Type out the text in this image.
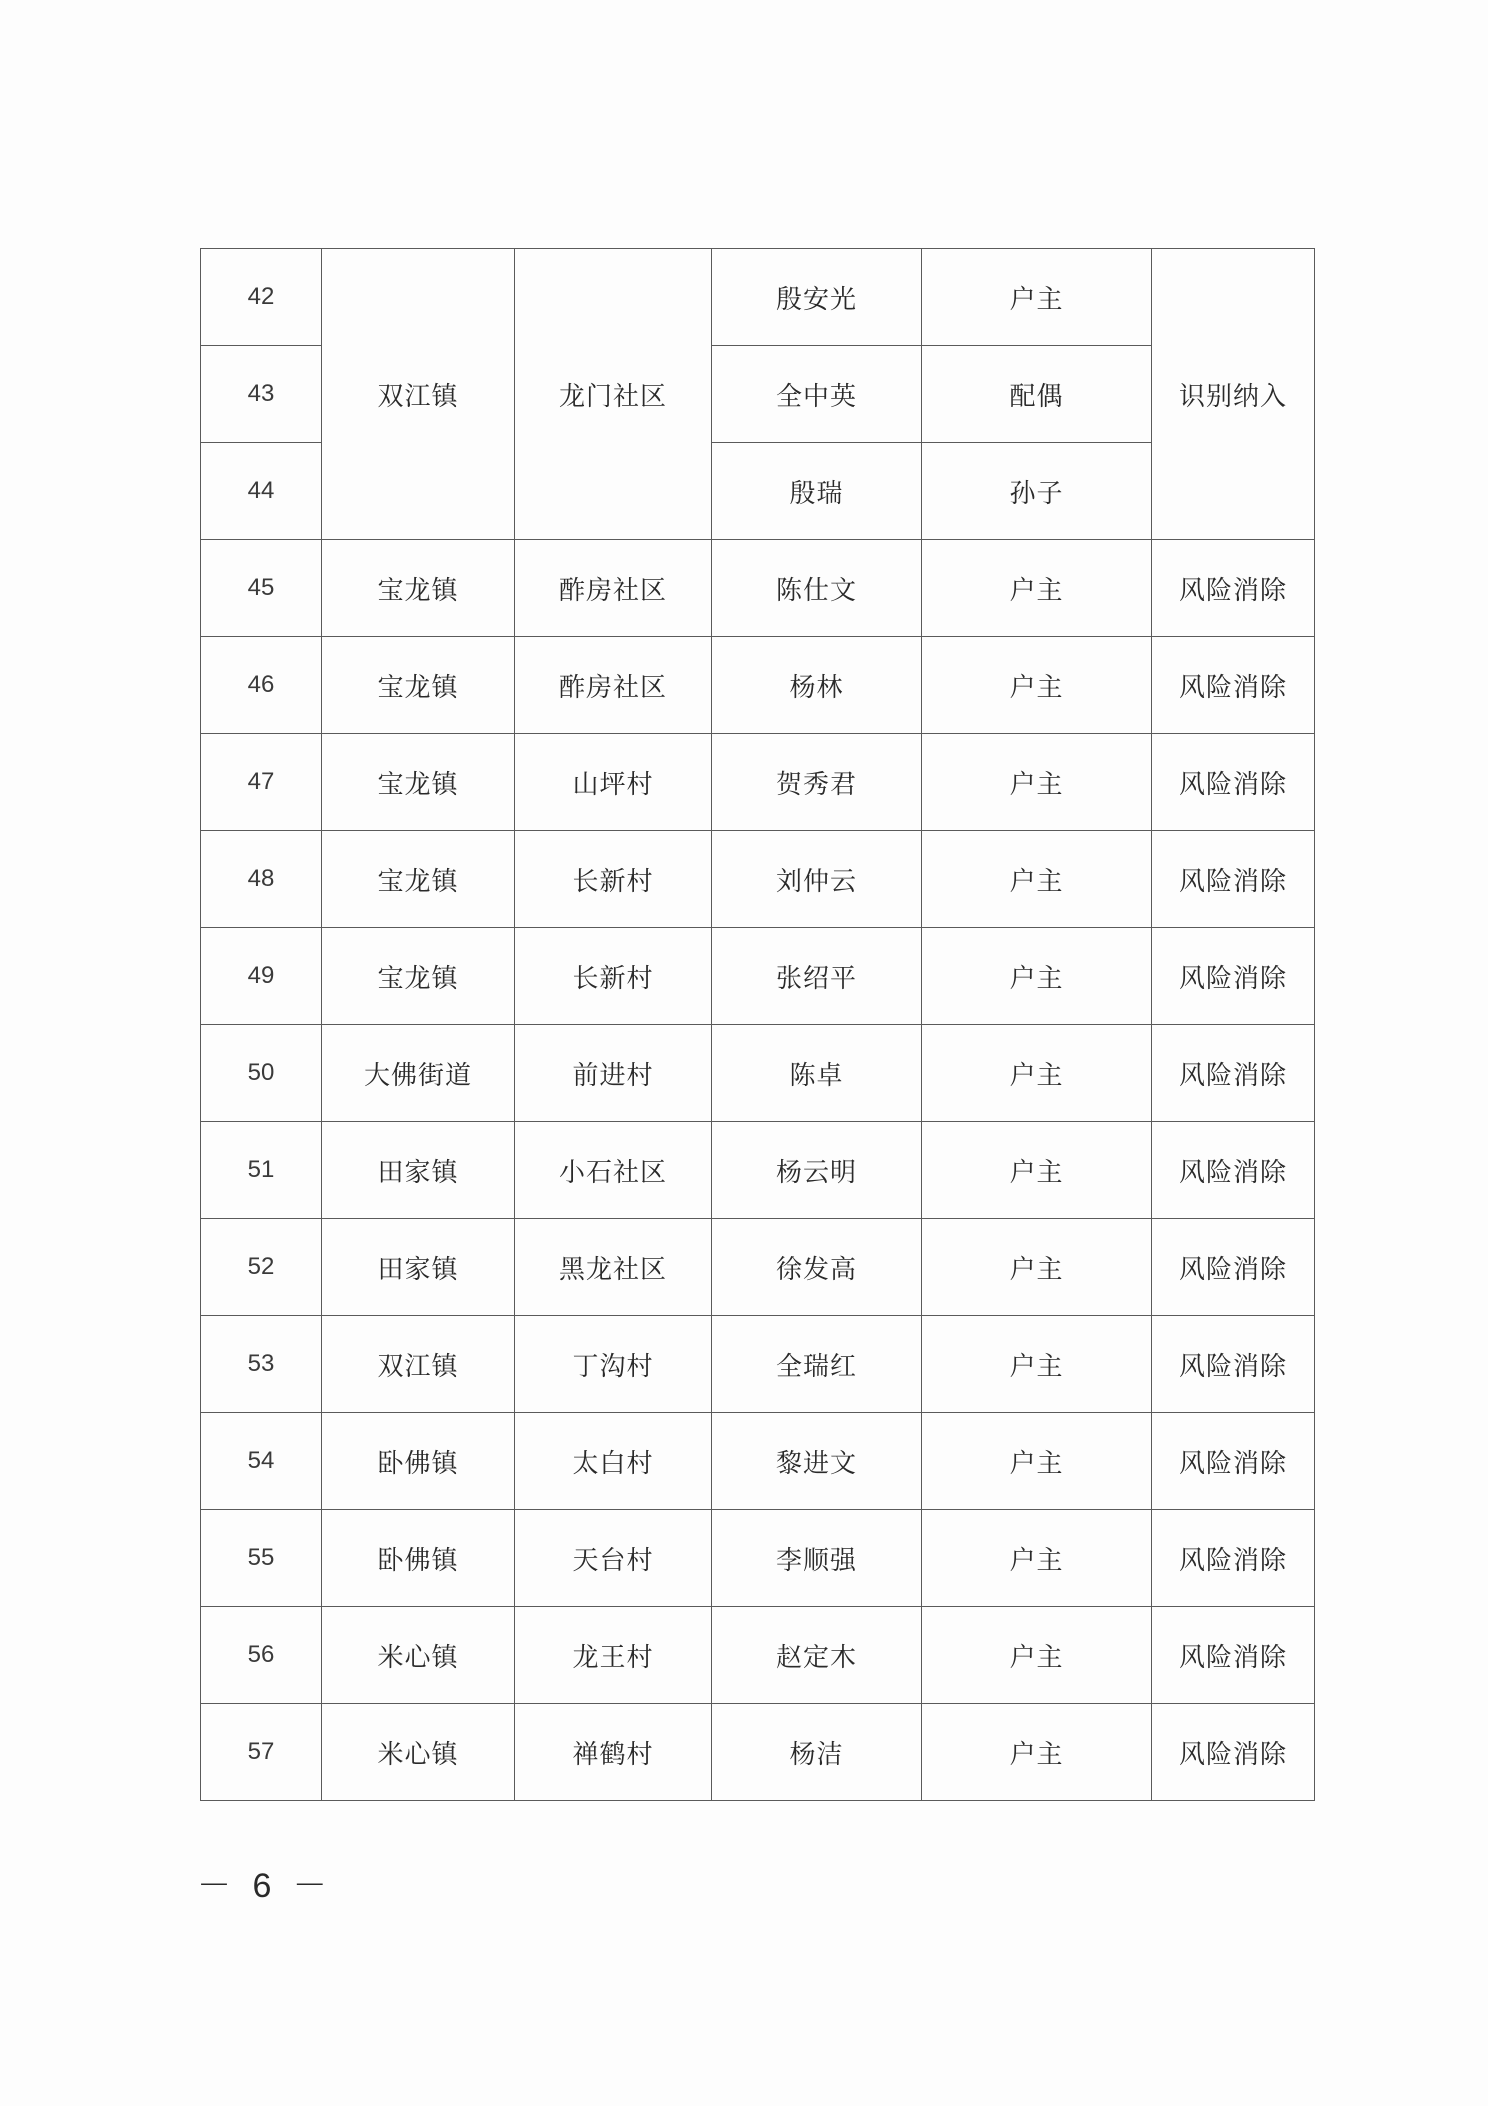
42	双江镇	龙门社区	殷安光	户主	识别纳入
43			全中英	配偶	
44			殷瑞	孙子	
45	宝龙镇	酢房社区	陈仕文	户主	风险消除
46	宝龙镇	酢房社区	杨林	户主	风险消除
47	宝龙镇	山坪村	贺秀君	户主	风险消除
48	宝龙镇	长新村	刘仲云	户主	风险消除
49	宝龙镇	长新村	张绍平	户主	风险消除
50	大佛街道	前进村	陈卓	户主	风险消除
51	田家镇	小石社区	杨云明	户主	风险消除
52	田家镇	黑龙社区	徐发高	户主	风险消除
53	双江镇	丁沟村	全瑞红	户主	风险消除
54	卧佛镇	太白村	黎进文	户主	风险消除
55	卧佛镇	天台村	李顺强	户主	风险消除
56	米心镇	龙王村	赵定木	户主	风险消除
57	米心镇	禅鹤村	杨洁	户主	风险消除
－ 6 －
